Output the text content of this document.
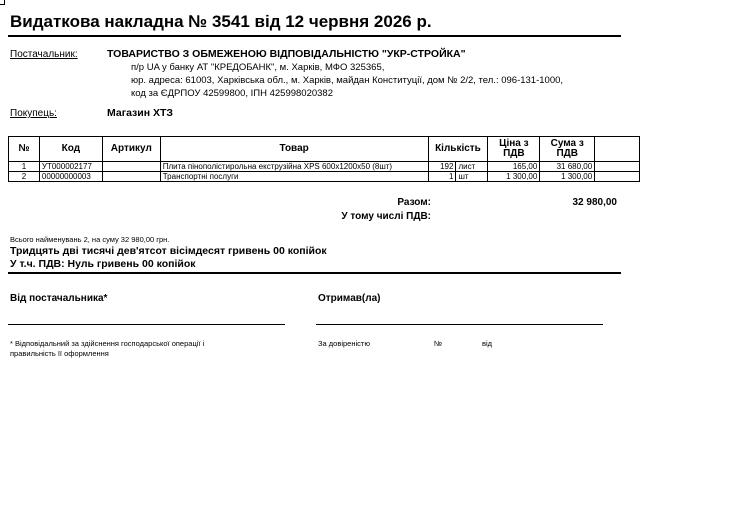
Видаткова накладна № 3541 від 12 червня 2026 р.
Постачальник:	ТОВАРИСТВО З ОБМЕЖЕНОЮ ВІДПОВІДАЛЬНІСТЮ "УКР-СТРОЙКА"
п/р UA у банку АТ "КРЕДОБАНК", м. Харків, МФО 325365,
юр. адреса: 61003, Харківська обл., м. Харків, майдан Конституції, дом № 2/2, тел.: 096-131-1000,
код за ЄДРПОУ 42599800, ІПН 425998020382
Покупець:	Магазин ХТЗ
№	Код	Артикул	Товар	Кількість		Ціна з ПДВ	Сума з ПДВ	
1	УТ000002177		Плита пінополістирольна екструзійна XPS 600х1200х50 (8шт)	192	лист	165,00	31 680,00	
2	00000000003		Транспортні послуги	1	шт	1 300,00	1 300,00	
Разом:	32 980,00
У тому числі ПДВ:
Всього найменувань 2, на суму 32 980,00 грн.
Тридцять дві тисячі дев'ятсот вісімдесят гривень 00 копійок
У т.ч. ПДВ: Нуль гривень 00 копійок
Від постачальника*	Отримав(ла)
* Відповідальний за здійснення господарської операції і
правильність її оформлення
За довіреністю	№	від
